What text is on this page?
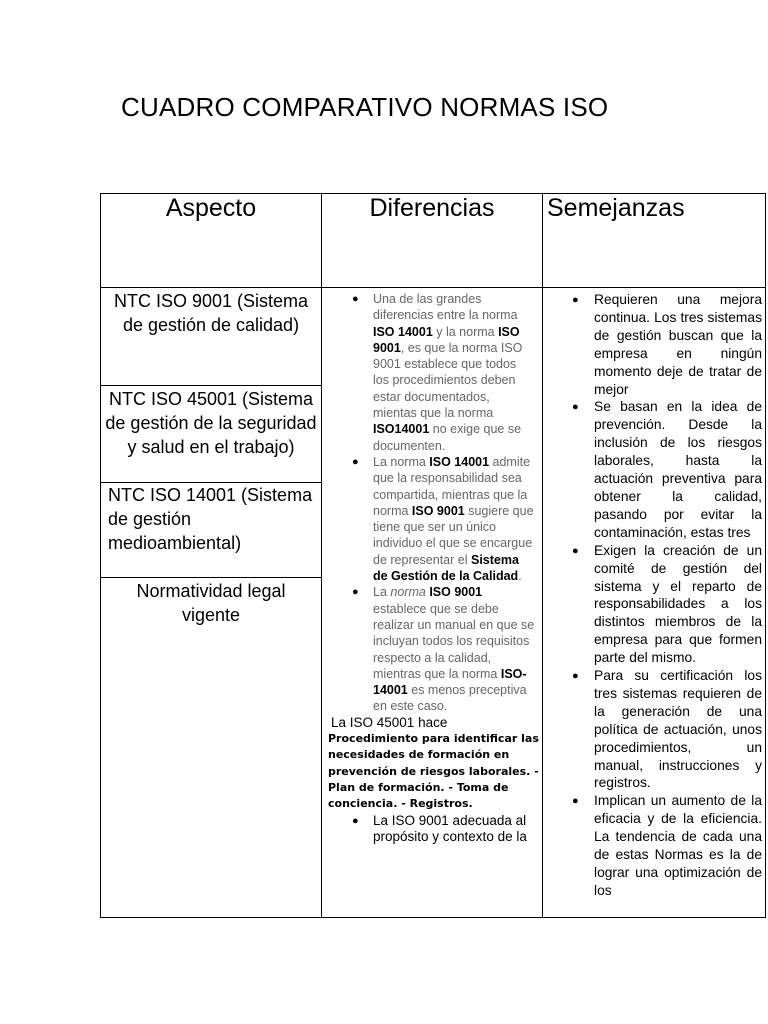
CUADRO COMPARATIVO NORMAS ISO
Aspecto	Diferencias	Semejanzas
NTC ISO 9001 (Sistema de gestión de calidad)
NTC ISO 45001 (Sistema de gestión de la seguridad y salud en el trabajo)
NTC ISO 14001 (Sistema de gestión medioambiental)
Normatividad legal vigente
● Una de las grandes diferencias entre la norma ISO 14001 y la norma ISO 9001, es que la norma ISO 9001 establece que todos los procedimientos deben estar documentados, mientas que la norma ISO14001 no exige que se documenten.
● La norma ISO 14001 admite que la responsabilidad sea compartida, mientras que la norma ISO 9001 sugiere que tiene que ser un único individuo el que se encargue de representar el Sistema de Gestión de la Calidad.
● La norma ISO 9001 establece que se debe realizar un manual en que se incluyan todos los requisitos respecto a la calidad, mientras que la norma ISO-14001 es menos preceptiva en este caso.
La ISO 45001 hace
Procedimiento para identificar las necesidades de formación en prevención de riesgos laborales. - Plan de formación. - Toma de conciencia. - Registros.
● La ISO 9001 adecuada al propósito y contexto de la
● Requieren una mejora continua. Los tres sistemas de gestión buscan que la empresa en ningún momento deje de tratar de mejor
● Se basan en la idea de prevención. Desde la inclusión de los riesgos laborales, hasta la actuación preventiva para obtener la calidad, pasando por evitar la contaminación, estas tres
● Exigen la creación de un comité de gestión del sistema y el reparto de responsabilidades a los distintos miembros de la empresa para que formen parte del mismo.
● Para su certificación los tres sistemas requieren de la generación de una política de actuación, unos procedimientos, un manual, instrucciones y registros.
● Implican un aumento de la eficacia y de la eficiencia. La tendencia de cada una de estas Normas es la de lograr una optimización de los
